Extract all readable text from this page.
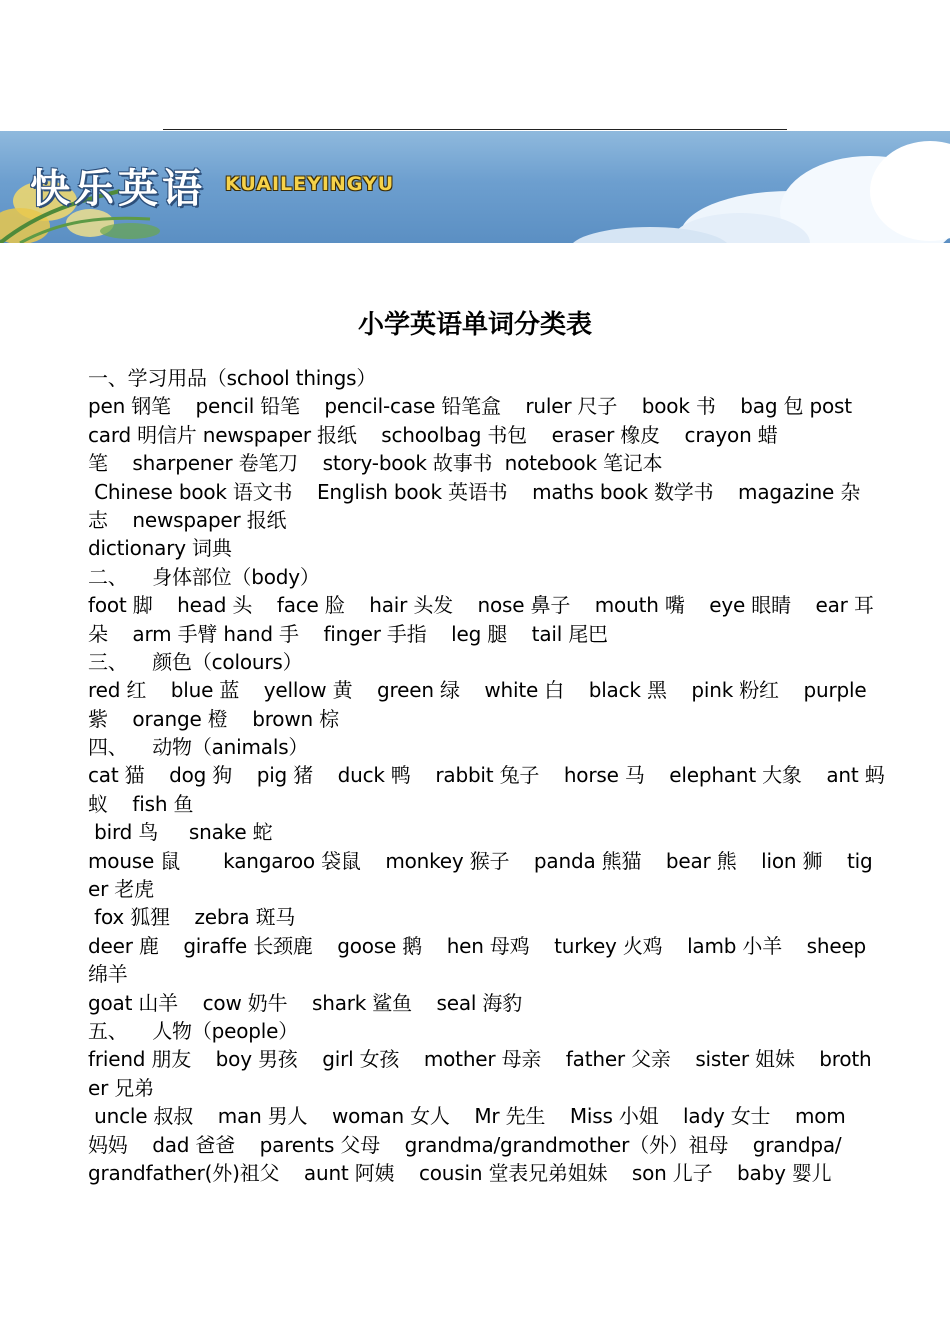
快乐英语 KUAILEYINGYU
小学英语单词分类表
一、学习用品（school things）
pen 钢笔    pencil 铅笔    pencil-case 铅笔盒    ruler 尺子    book 书    bag 包 post
card 明信片 newspaper 报纸    schoolbag 书包    eraser 橡皮    crayon 蜡
笔    sharpener 卷笔刀    story-book 故事书  notebook 笔记本
Chinese book 语文书    English book 英语书    maths book 数学书    magazine 杂
志    newspaper 报纸
dictionary 词典
二、    身体部位（body）
foot 脚    head 头    face 脸    hair 头发    nose 鼻子    mouth 嘴    eye 眼睛    ear 耳
朵    arm 手臂 hand 手    finger 手指    leg 腿    tail 尾巴
三、    颜色（colours）
red 红    blue 蓝    yellow 黄    green 绿    white 白    black 黑    pink 粉红    purple
紫    orange 橙    brown 棕
四、    动物（animals）
cat 猫    dog 狗    pig 猪    duck 鸭    rabbit 兔子    horse 马    elephant 大象    ant 蚂
蚁    fish 鱼
bird 鸟     snake 蛇
mouse 鼠       kangaroo 袋鼠    monkey 猴子    panda 熊猫    bear 熊    lion 狮    tig
er 老虎
fox 狐狸    zebra 斑马
deer 鹿    giraffe 长颈鹿    goose 鹅    hen 母鸡    turkey 火鸡    lamb 小羊    sheep
绵羊
goat 山羊    cow 奶牛    shark 鲨鱼    seal 海豹
五、    人物（people）
friend 朋友    boy 男孩    girl 女孩    mother 母亲    father 父亲    sister 姐妹    broth
er 兄弟
uncle 叔叔    man 男人    woman 女人    Mr 先生    Miss 小姐    lady 女士    mom
妈妈    dad 爸爸    parents 父母    grandma/grandmother（外）祖母    grandpa/
grandfather(外)祖父    aunt 阿姨    cousin 堂表兄弟姐妹    son 儿子    baby 婴儿
